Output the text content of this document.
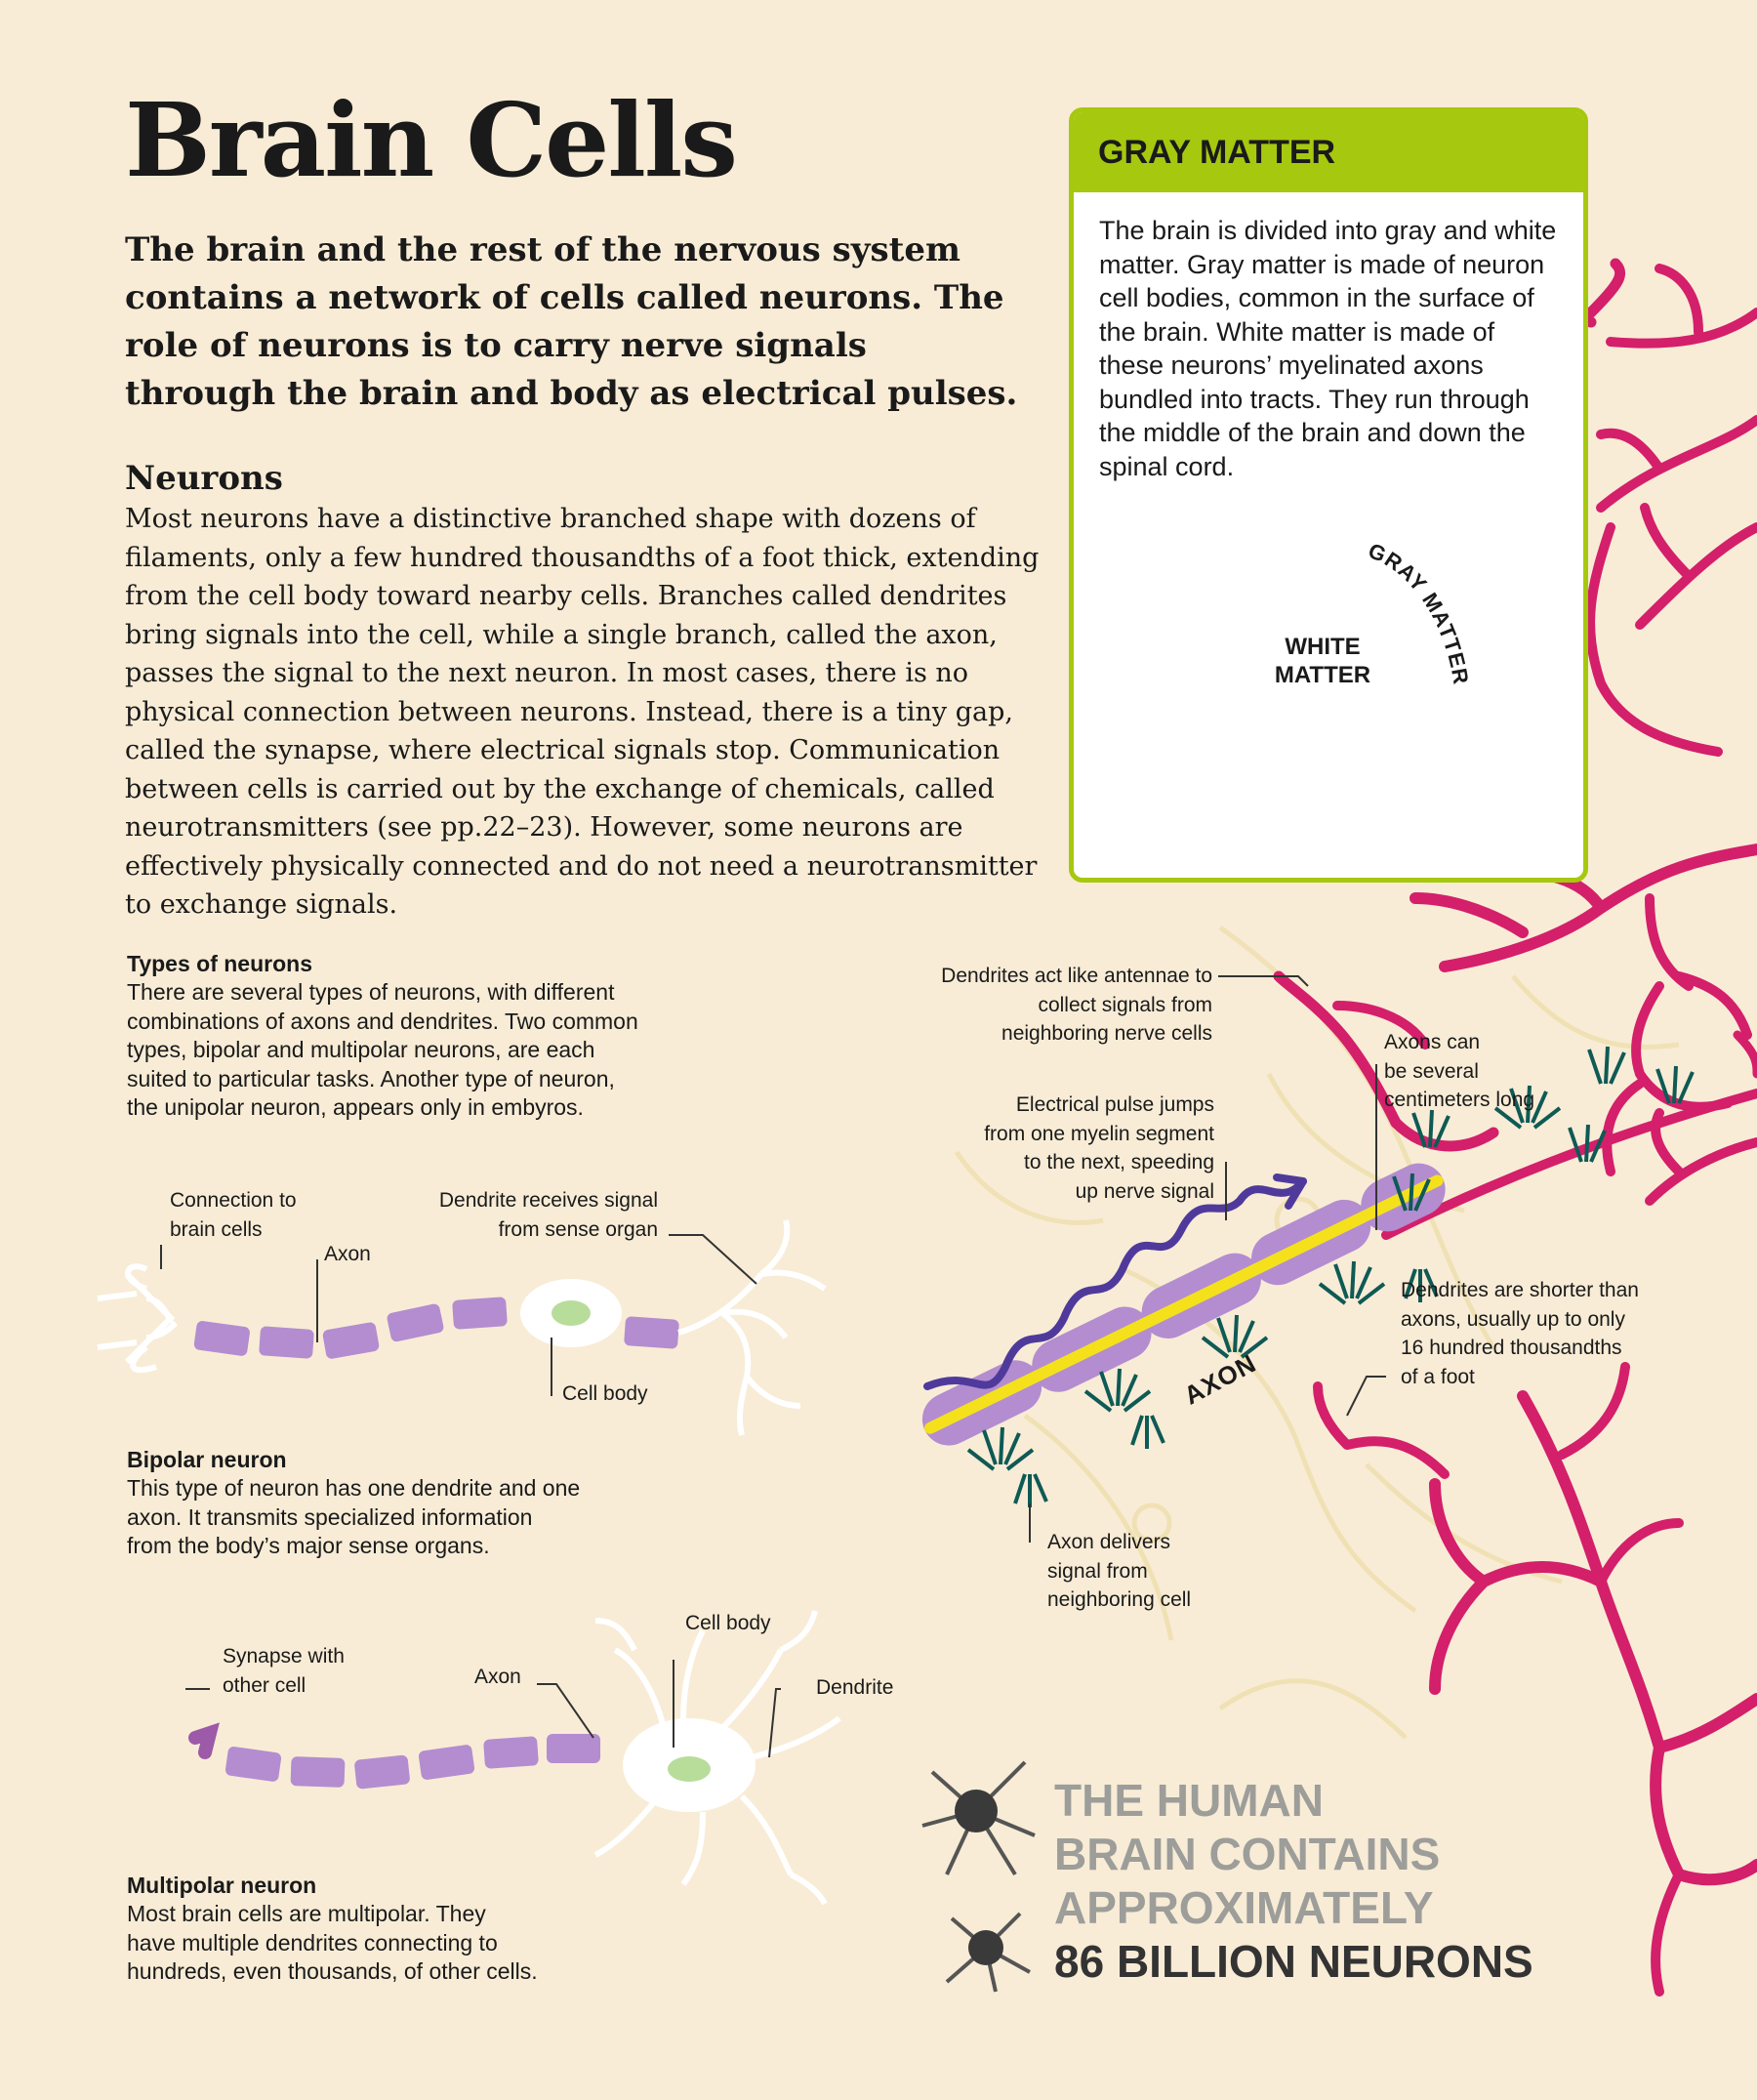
Brain Cells

The brain and the rest of the nervous system contains a network of cells called neurons. The role of neurons is to carry nerve signals through the brain and body as electrical pulses.

Neurons

Most neurons have a distinctive branched shape with dozens of filaments, only a few hundred thousandths of a foot thick, extending from the cell body toward nearby cells. Branches called dendrites bring signals into the cell, while a single branch, called the axon, passes the signal to the next neuron. In most cases, there is no physical connection between neurons. Instead, there is a tiny gap, called the synapse, where electrical signals stop. Communication between cells is carried out by the exchange of chemicals, called neurotransmitters (see pp.22–23). However, some neurons are effectively physically connected and do not need a neurotransmitter to exchange signals.

GRAY MATTER
The brain is divided into gray and white matter. Gray matter is made of neuron cell bodies, common in the surface of the brain. White matter is made of these neurons’ myelinated axons bundled into tracts. They run through the middle of the brain and down the spinal cord.
WHITE
MATTER
GRAY MATTER

Types of neurons

There are several types of neurons, with different

combinations of axons and dendrites. Two common

types, bipolar and multipolar neurons, are each

suited to particular tasks. Another type of neuron,

the unipolar neuron, appears only in embyros.

Connection to
brain cells
Axon
Dendrite receives signal
from sense organ
Cell body

Bipolar neuron

This type of neuron has one dendrite and one

axon. It transmits specialized information

from the body’s major sense organs.

Synapse with
other cell	Axon
Cell body
Dendrite

Multipolar neuron

Most brain cells are multipolar. They

have multiple dendrites connecting to

hundreds, even thousands, of other cells.

Dendrites act like antennae to
collect signals from
neighboring nerve cells	Axons can
be several
centimeters long
Electrical pulse jumps
from one myelin segment
to the next, speeding
up nerve signal
Dendrites are shorter than
axons, usually up to only
16 hundred thousandths
of a foot
Axon delivers
signal from
neighboring cell
AXON
THE HUMAN
BRAIN CONTAINS
APPROXIMATELY
86 BILLION NEURONS
